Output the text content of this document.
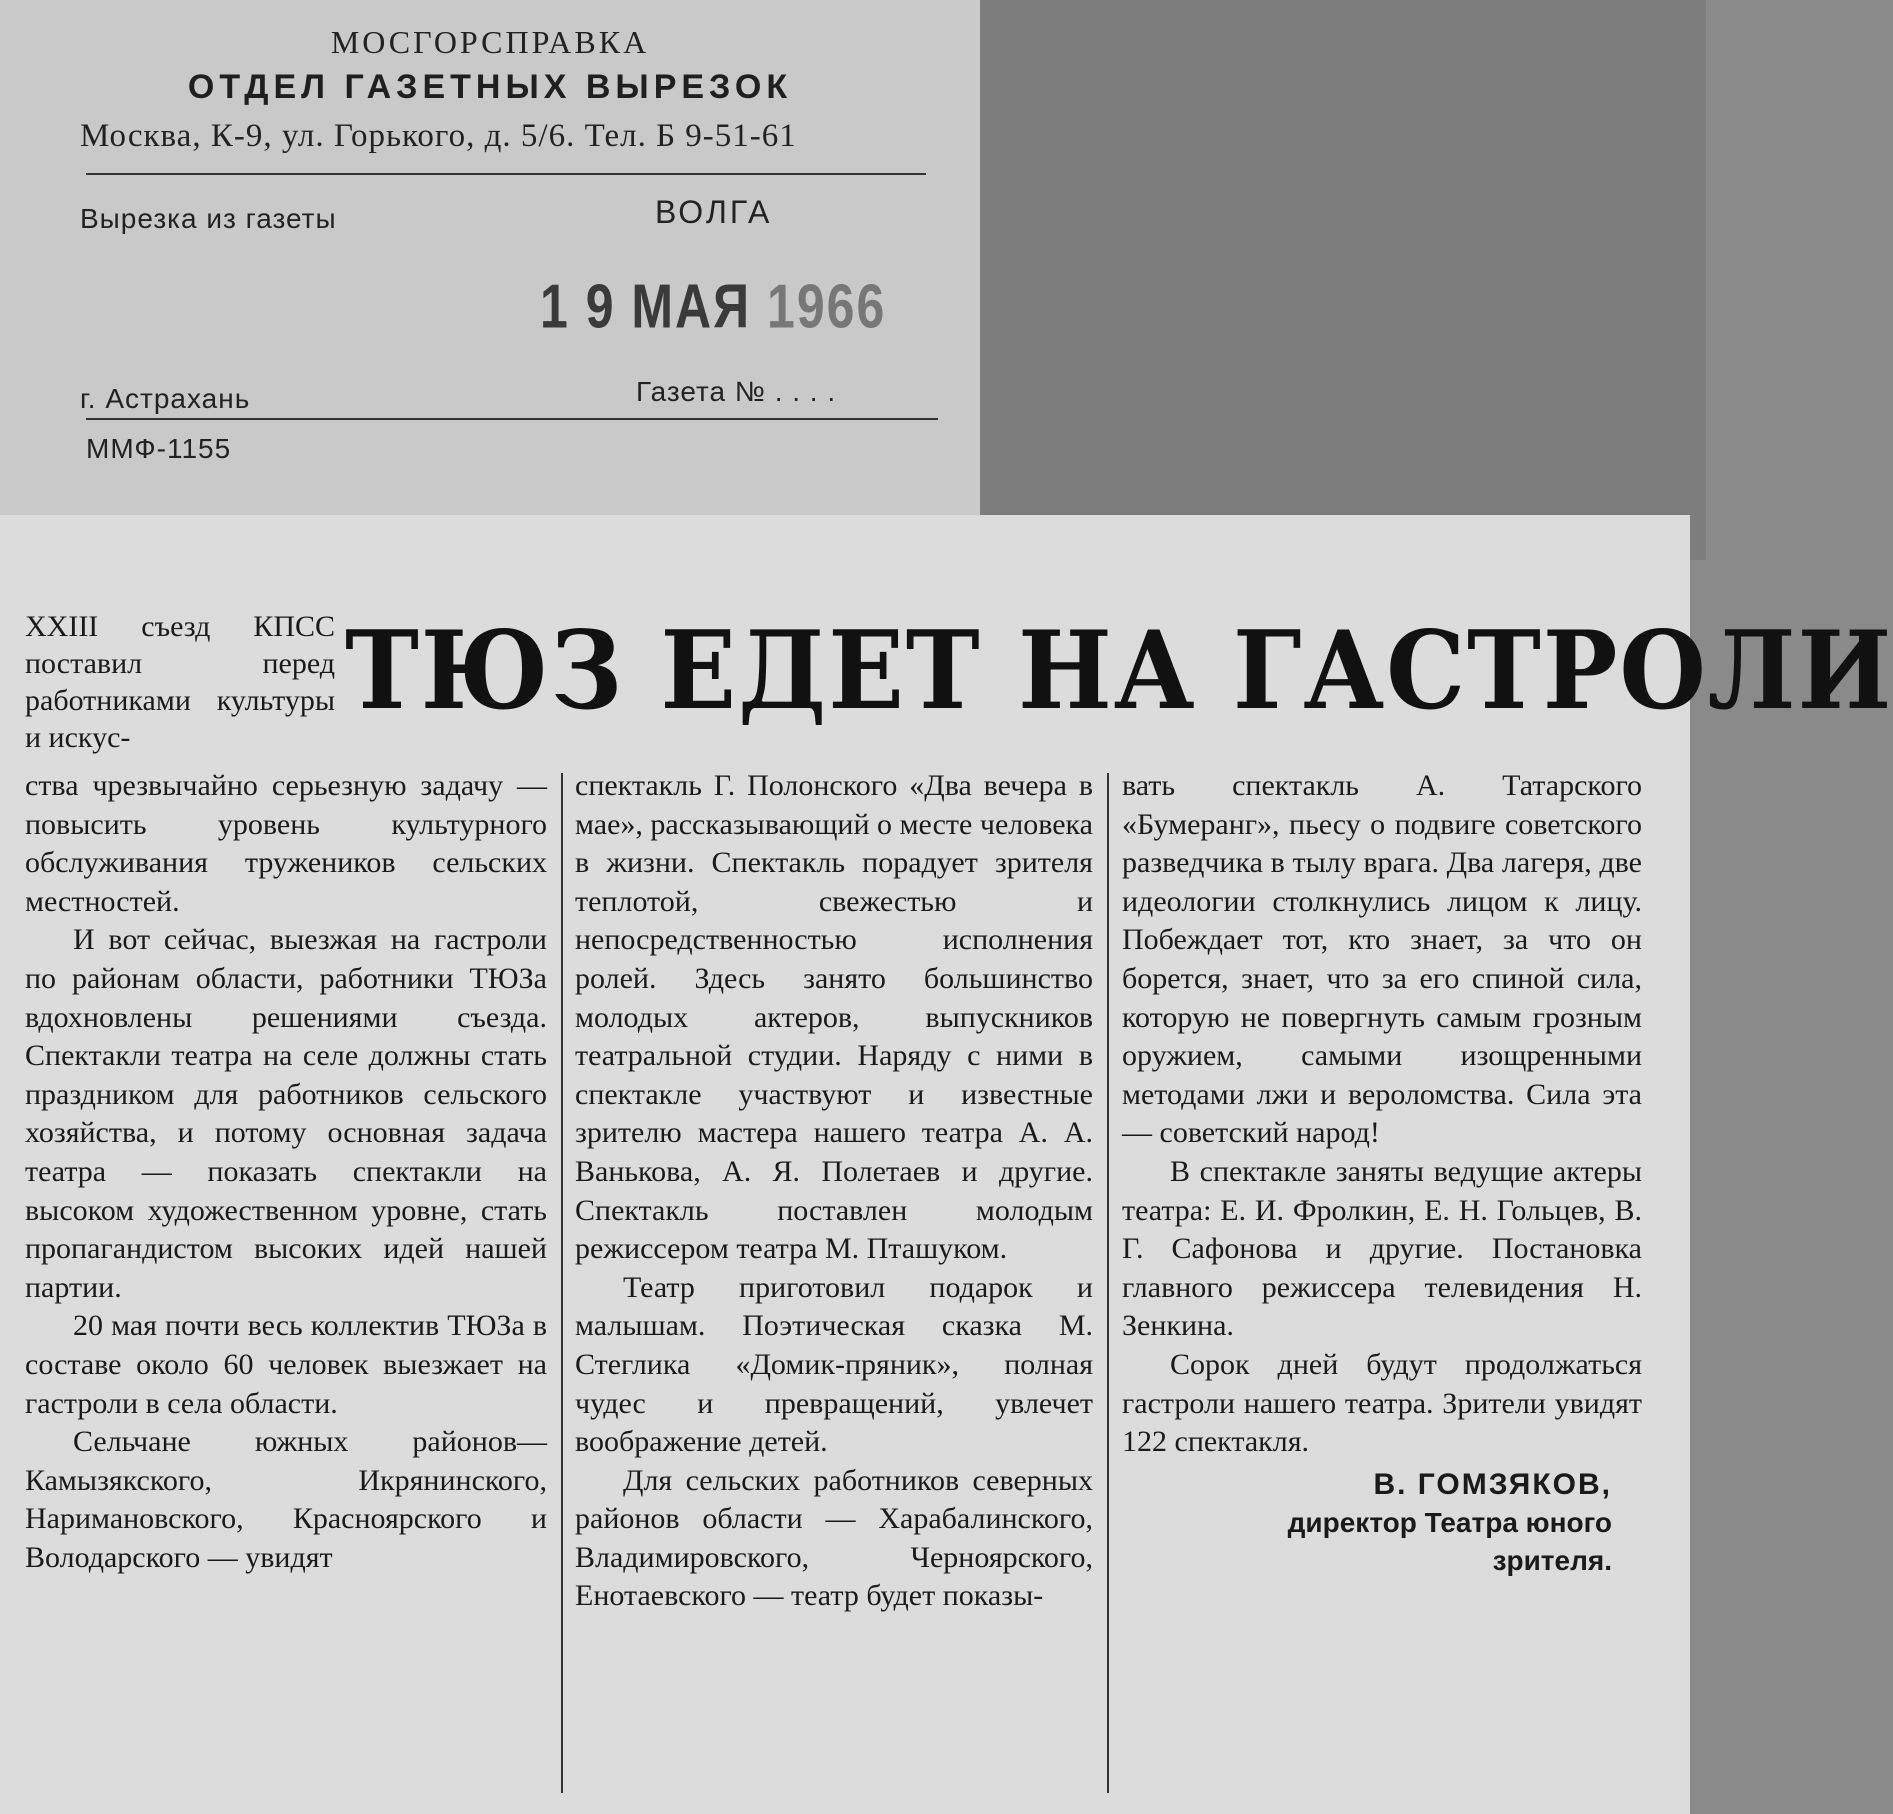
МОСГОРСПРАВКА
ОТДЕЛ ГАЗЕТНЫХ ВЫРЕЗОК
Москва, К-9, ул. Горького, д. 5/6. Тел. Б 9-51-61
Вырезка из газеты	ВОЛГА
1 9 МАЯ 1966
г. Астрахань	Газета № . . . .
ММФ-1155
XXIII съезд КПСС поставил перед работниками культуры и искус-
ТЮЗ ЕДЕТ НА ГАСТРОЛИ

ства чрезвычайно серьезную задачу — повысить уровень культурного обслуживания тружеников сельских местностей.

И вот сейчас, выезжая на гастроли по районам области, работники ТЮЗа вдохновлены решениями съезда. Спектакли театра на селе должны стать праздником для работников сельского хозяйства, и потому основная задача театра — показать спектакли на высоком художественном уровне, стать пропагандистом высоких идей нашей партии.

20 мая почти весь коллектив ТЮЗа в составе около 60 человек выезжает на гастроли в села области.

Сельчане южных районов— Камызякского, Икрянинского, Наримановского, Красноярского и Володарского — увидят

спектакль Г. Полонского «Два вечера в мае», рассказывающий о месте человека в жизни. Спектакль порадует зрителя теплотой, свежестью и непосредственностью исполнения ролей. Здесь занято большинство молодых актеров, выпускников театральной студии. Наряду с ними в спектакле участвуют и известные зрителю мастера нашего театра А. А. Ванькова, А. Я. Полетаев и другие. Спектакль поставлен молодым режиссером театра М. Пташуком.

Театр приготовил подарок и малышам. Поэтическая сказка М. Стеглика «Домик-пряник», полная чудес и превращений, увлечет воображение детей.

Для сельских работников северных районов области — Харабалинского, Владимировского, Черноярского, Енотаевского — театр будет показы-

вать спектакль А. Татарского «Бумеранг», пьесу о подвиге советского разведчика в тылу врага. Два лагеря, две идеологии столкнулись лицом к лицу. Побеждает тот, кто знает, за что он борется, знает, что за его спиной сила, которую не повергнуть самым грозным оружием, самыми изощренными методами лжи и вероломства. Сила эта — советский народ!

В спектакле заняты ведущие актеры театра: Е. И. Фролкин, Е. Н. Гольцев, В. Г. Сафонова и другие. Постановка главного режиссера телевидения Н. Зенкина.

Сорок дней будут продолжаться гастроли нашего театра. Зрители увидят 122 спектакля.

В. ГОМЗЯКОВ,
директор Театра юного
зрителя.
